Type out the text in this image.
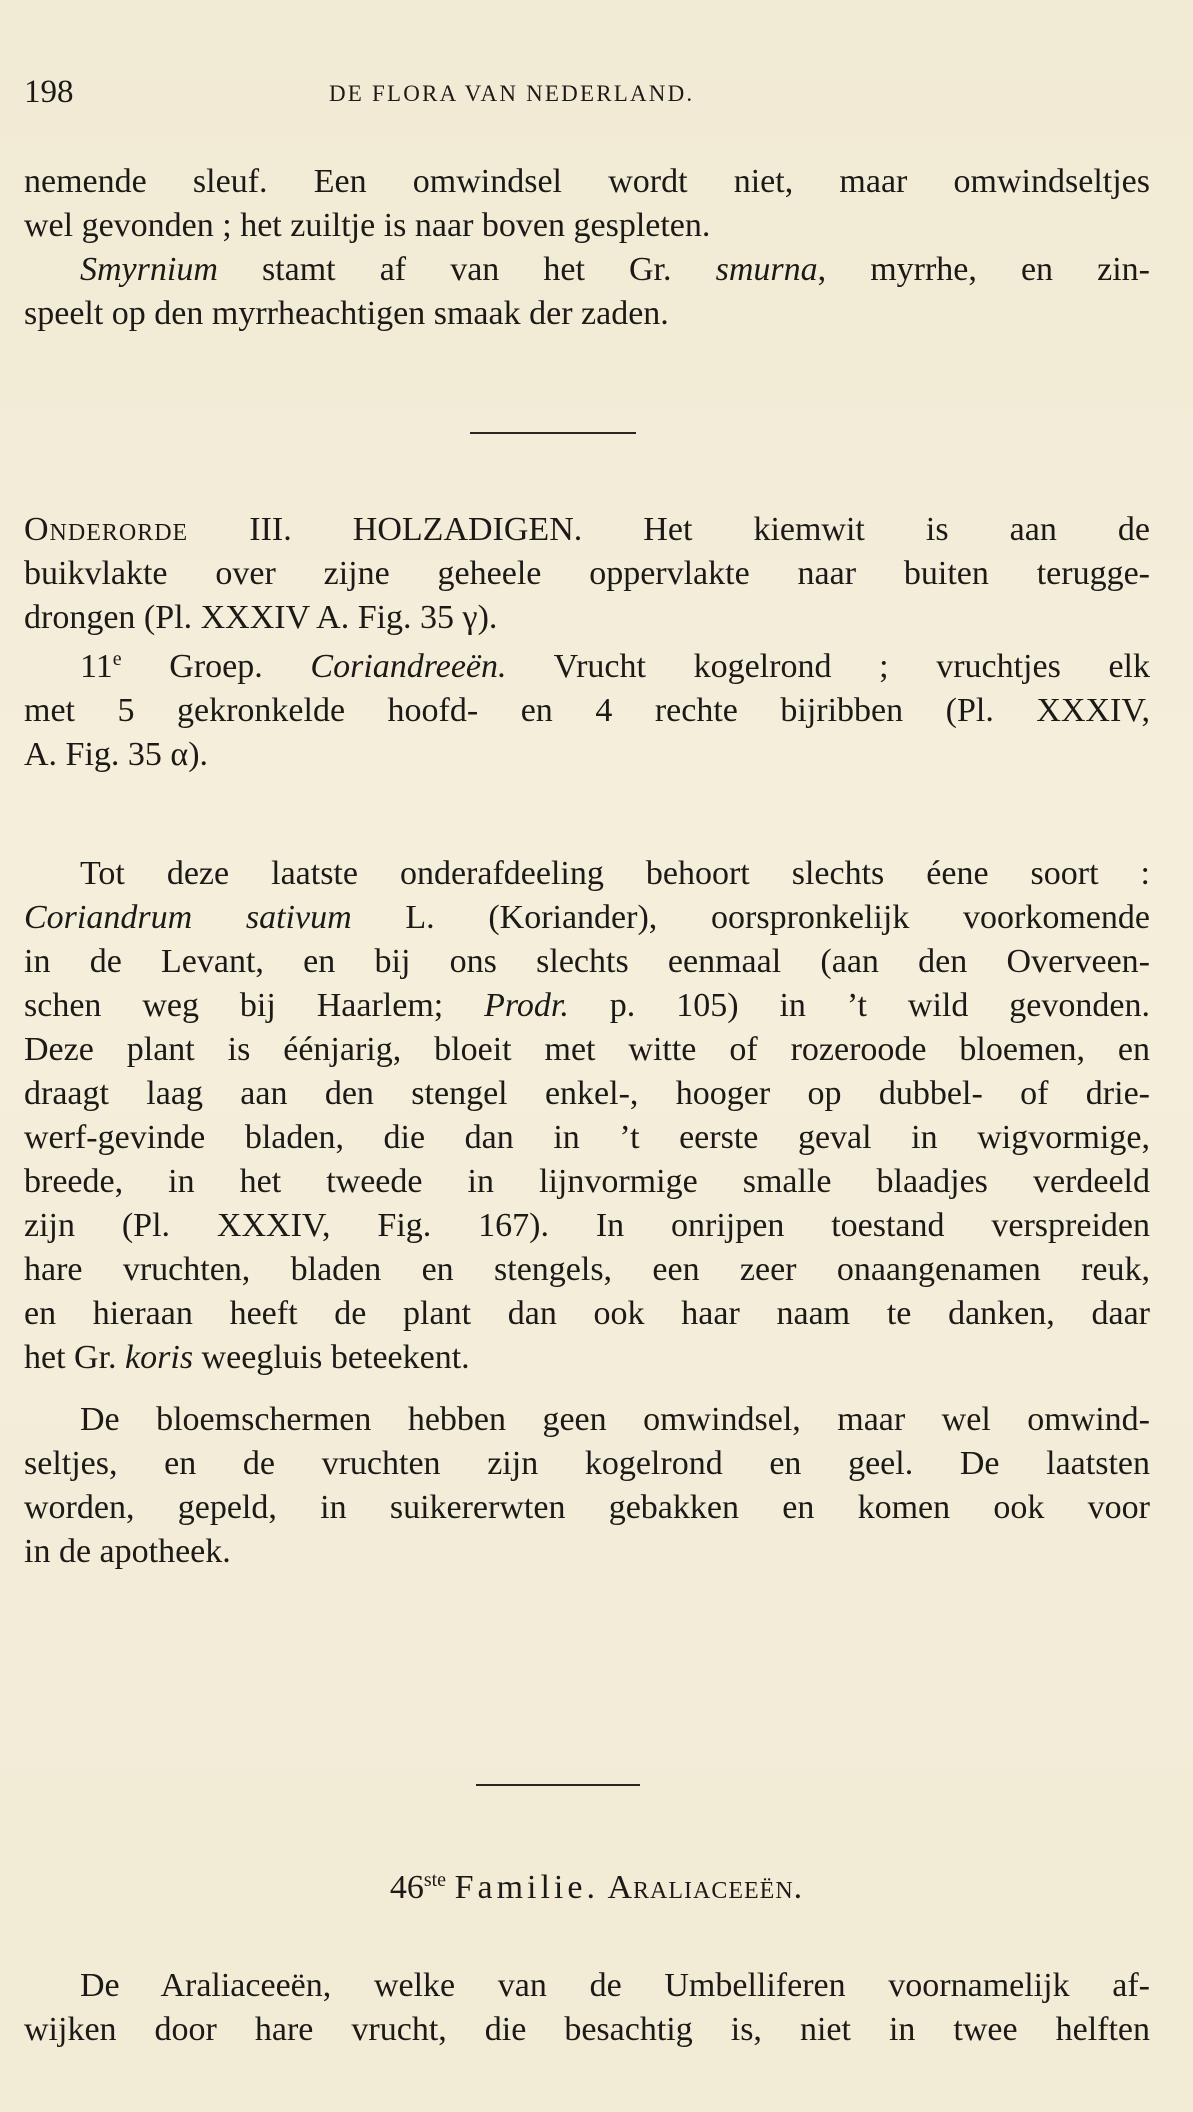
198	DE FLORA VAN NEDERLAND.
nemende sleuf. Een omwindsel wordt niet, maar omwindseltjes
wel gevonden ; het zuiltje is naar boven gespleten.
Smyrnium stamt af van het Gr. smurna, myrrhe, en zin-
speelt op den myrrheachtigen smaak der zaden.
Onderorde III. HOLZADIGEN. Het kiemwit is aan de
buikvlakte over zijne geheele oppervlakte naar buiten terugge-
drongen (Pl. XXXIV A. Fig. 35 γ).
11e Groep. Coriandreeën. Vrucht kogelrond ; vruchtjes elk
met 5 gekronkelde hoofd- en 4 rechte bijribben (Pl. XXXIV,
A. Fig. 35 α).
Tot deze laatste onderafdeeling behoort slechts éene soort :
Coriandrum sativum L. (Koriander), oorspronkelijk voorkomende
in de Levant, en bij ons slechts eenmaal (aan den Overveen-
schen weg bij Haarlem; Prodr. p. 105) in ’t wild gevonden.
Deze plant is éénjarig, bloeit met witte of rozeroode bloemen, en
draagt laag aan den stengel enkel-, hooger op dubbel- of drie-
werf-gevinde bladen, die dan in ’t eerste geval in wigvormige,
breede, in het tweede in lijnvormige smalle blaadjes verdeeld
zijn (Pl. XXXIV, Fig. 167). In onrijpen toestand verspreiden
hare vruchten, bladen en stengels, een zeer onaangenamen reuk,
en hieraan heeft de plant dan ook haar naam te danken, daar
het Gr. koris weegluis beteekent.
De bloemschermen hebben geen omwindsel, maar wel omwind-
seltjes, en de vruchten zijn kogelrond en geel. De laatsten
worden, gepeld, in suikererwten gebakken en komen ook voor
in de apotheek.
46ste Familie. Araliaceeën.
De Araliaceeën, welke van de Umbelliferen voornamelijk af-
wijken door hare vrucht, die besachtig is, niet in twee helften
